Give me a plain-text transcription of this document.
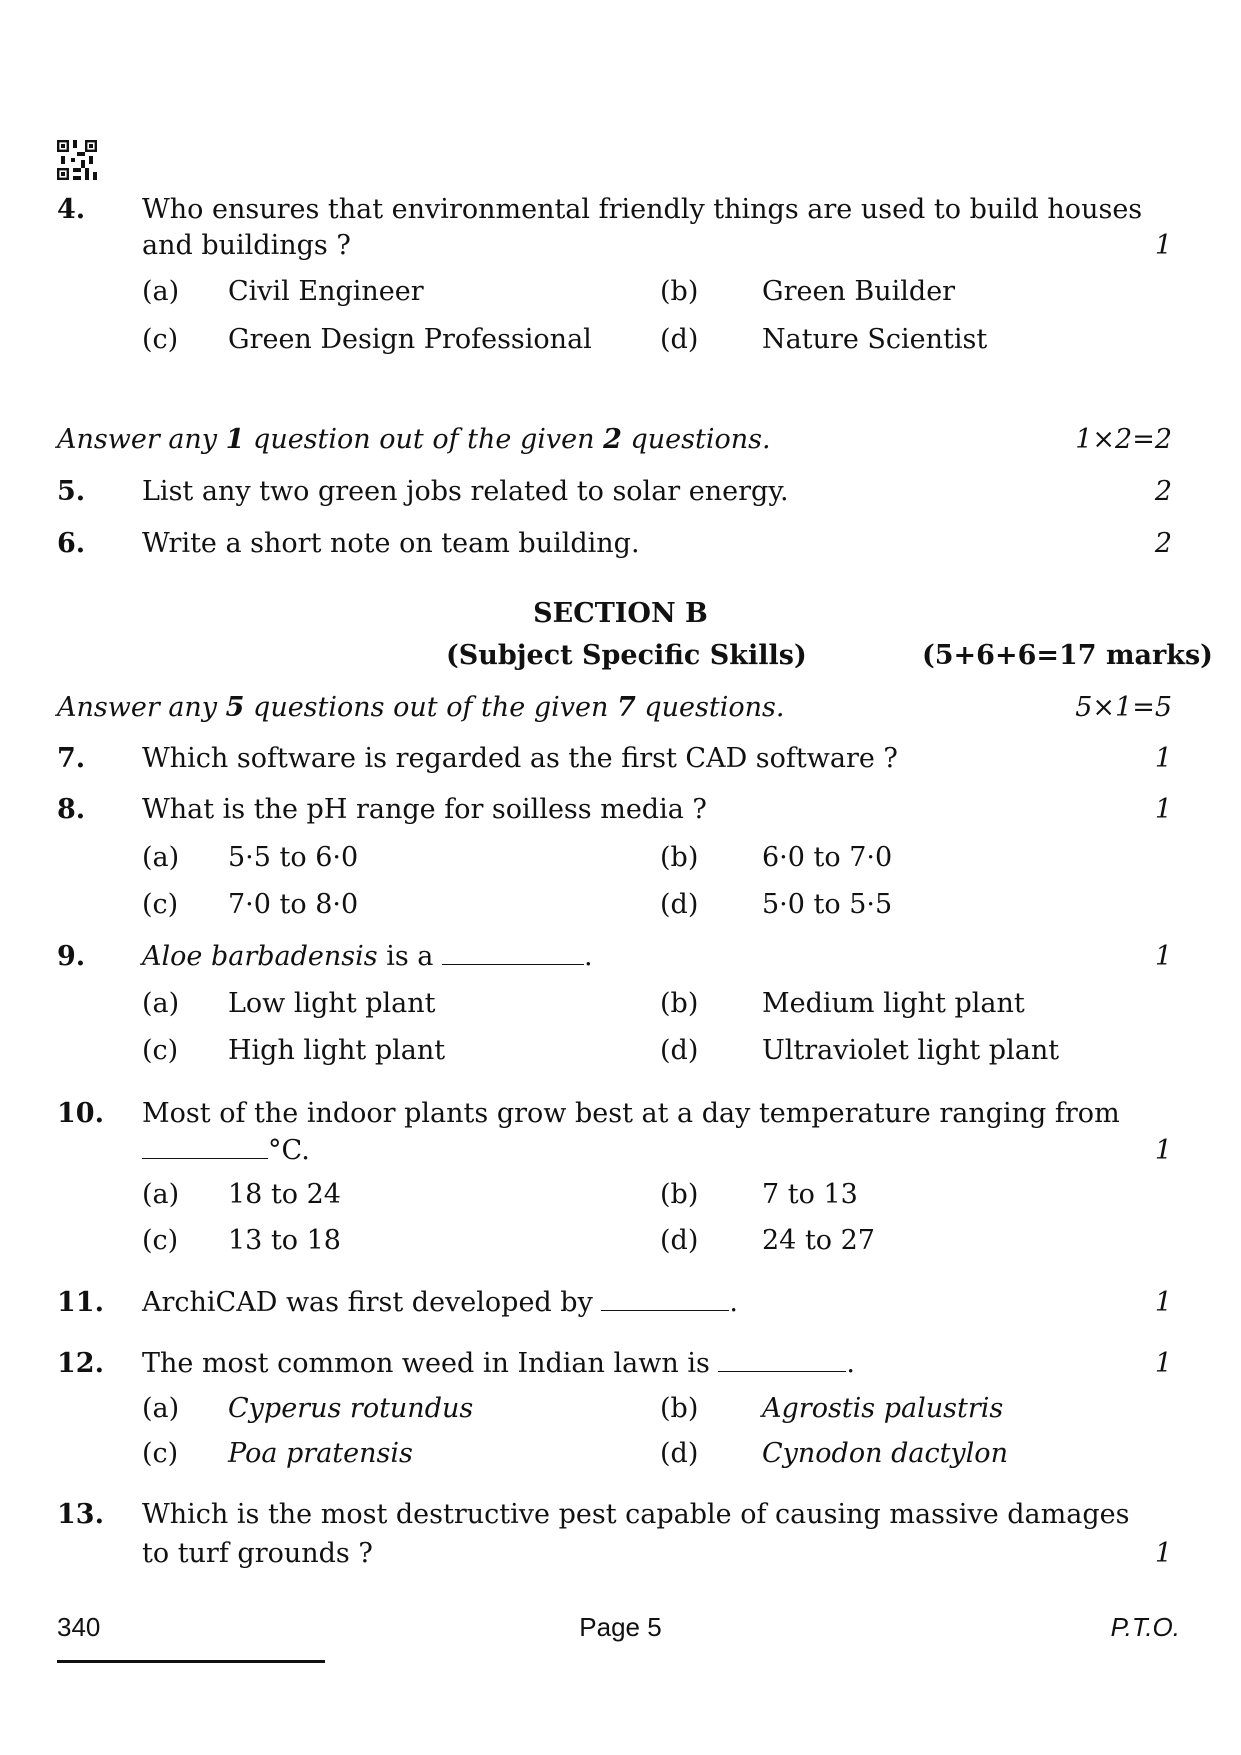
4. Who ensures that environmental friendly things are used to build houses
and buildings ?	1
(a) Civil Engineer	(b) Green Builder
(c) Green Design Professional	(d) Nature Scientist
Answer any 1 question out of the given 2 questions.	1×2=2
5. List any two green jobs related to solar energy.	2
6. Write a short note on team building.	2
SECTION B
(Subject Specific Skills)	(5+6+6=17 marks)
Answer any 5 questions out of the given 7 questions.	5×1=5
7. Which software is regarded as the first CAD software ?	1
8. What is the pH range for soilless media ?	1
(a) 5·5 to 6·0	(b) 6·0 to 7·0
(c) 7·0 to 8·0	(d) 5·0 to 5·5
9. Aloe barbadensis is a	.	1
(a) Low light plant	(b) Medium light plant
(c) High light plant	(d) Ultraviolet light plant
10. Most of the indoor plants grow best at a day temperature ranging from
°C.	1
(a) 18 to 24	(b) 7 to 13
(c) 13 to 18	(d) 24 to 27
11. ArchiCAD was first developed by	.	1
12. The most common weed in Indian lawn is	.	1
(a) Cyperus rotundus	(b) Agrostis palustris
(c) Poa pratensis	(d) Cynodon dactylon
13. Which is the most destructive pest capable of causing massive damages
to turf grounds ?	1
340	Page 5	P.T.O.
